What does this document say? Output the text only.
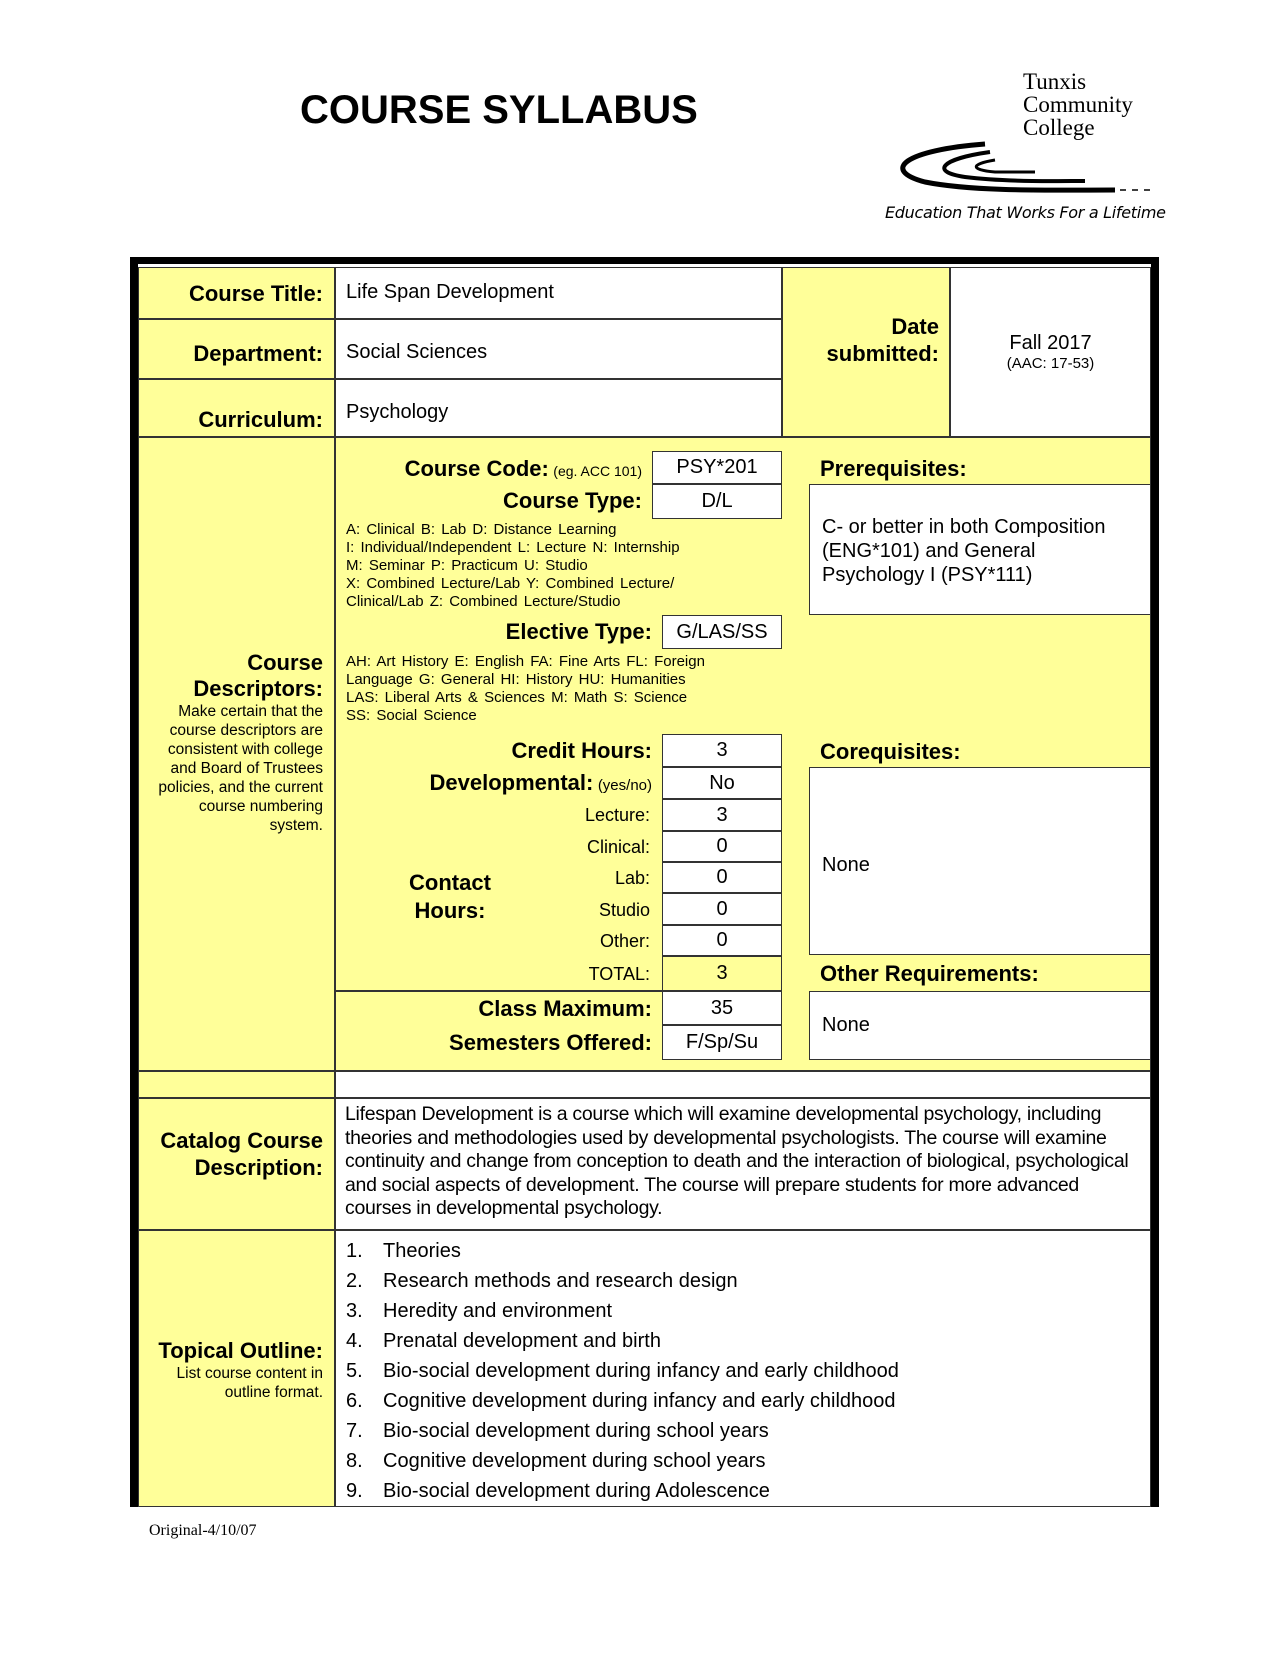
COURSE SYLLABUS
Tunxis
Community
College
Education That Works For a Lifetime
Course Title: Life Span Development
Department: Social Sciences
Curriculum: Psychology
Date
submitted:	Fall 2017
(AAC: 17-53)
Course
Descriptors:
Make certain that the course descriptors are consistent with college and Board of Trustees policies, and the current course numbering system.
Course Code: (eg. ACC 101)	PSY*201
Course Type:	D/L
A: Clinical B: Lab D: Distance Learning
I: Individual/Independent L: Lecture N: Internship
M: Seminar P: Practicum U: Studio
X: Combined Lecture/Lab Y: Combined Lecture/
Clinical/Lab Z: Combined Lecture/Studio
Elective Type:	G/LAS/SS
AH: Art History E: English FA: Fine Arts FL: Foreign
Language G: General HI: History HU: Humanities
LAS: Liberal Arts & Sciences M: Math S: Science
SS: Social Science
Credit Hours:	3
Developmental: (yes/no)	No
Contact
Hours:
Lecture:	3
Clinical:	0
Lab:	0
Studio	0
Other:	0
TOTAL:	3
Class Maximum:	35
Semesters Offered:	F/Sp/Su
Prerequisites:
C- or better in both Composition (ENG*101) and General Psychology I (PSY*111)
Corequisites:
None
Other Requirements:
None
Catalog Course
Description:
Lifespan Development is a course which will examine developmental psychology, including theories and methodologies used by developmental psychologists. The course will examine continuity and change from conception to death and the interaction of biological, psychological and social aspects of development. The course will prepare students for more advanced courses in developmental psychology.
Topical Outline:
List course content in outline format.
1.	Theories
2.	Research methods and research design
3.	Heredity and environment
4.	Prenatal development and birth
5.	Bio-social development during infancy and early childhood
6.	Cognitive development during infancy and early childhood
7.	Bio-social development during school years
8.	Cognitive development during school years
9.	Bio-social development during Adolescence
Original-4/10/07
